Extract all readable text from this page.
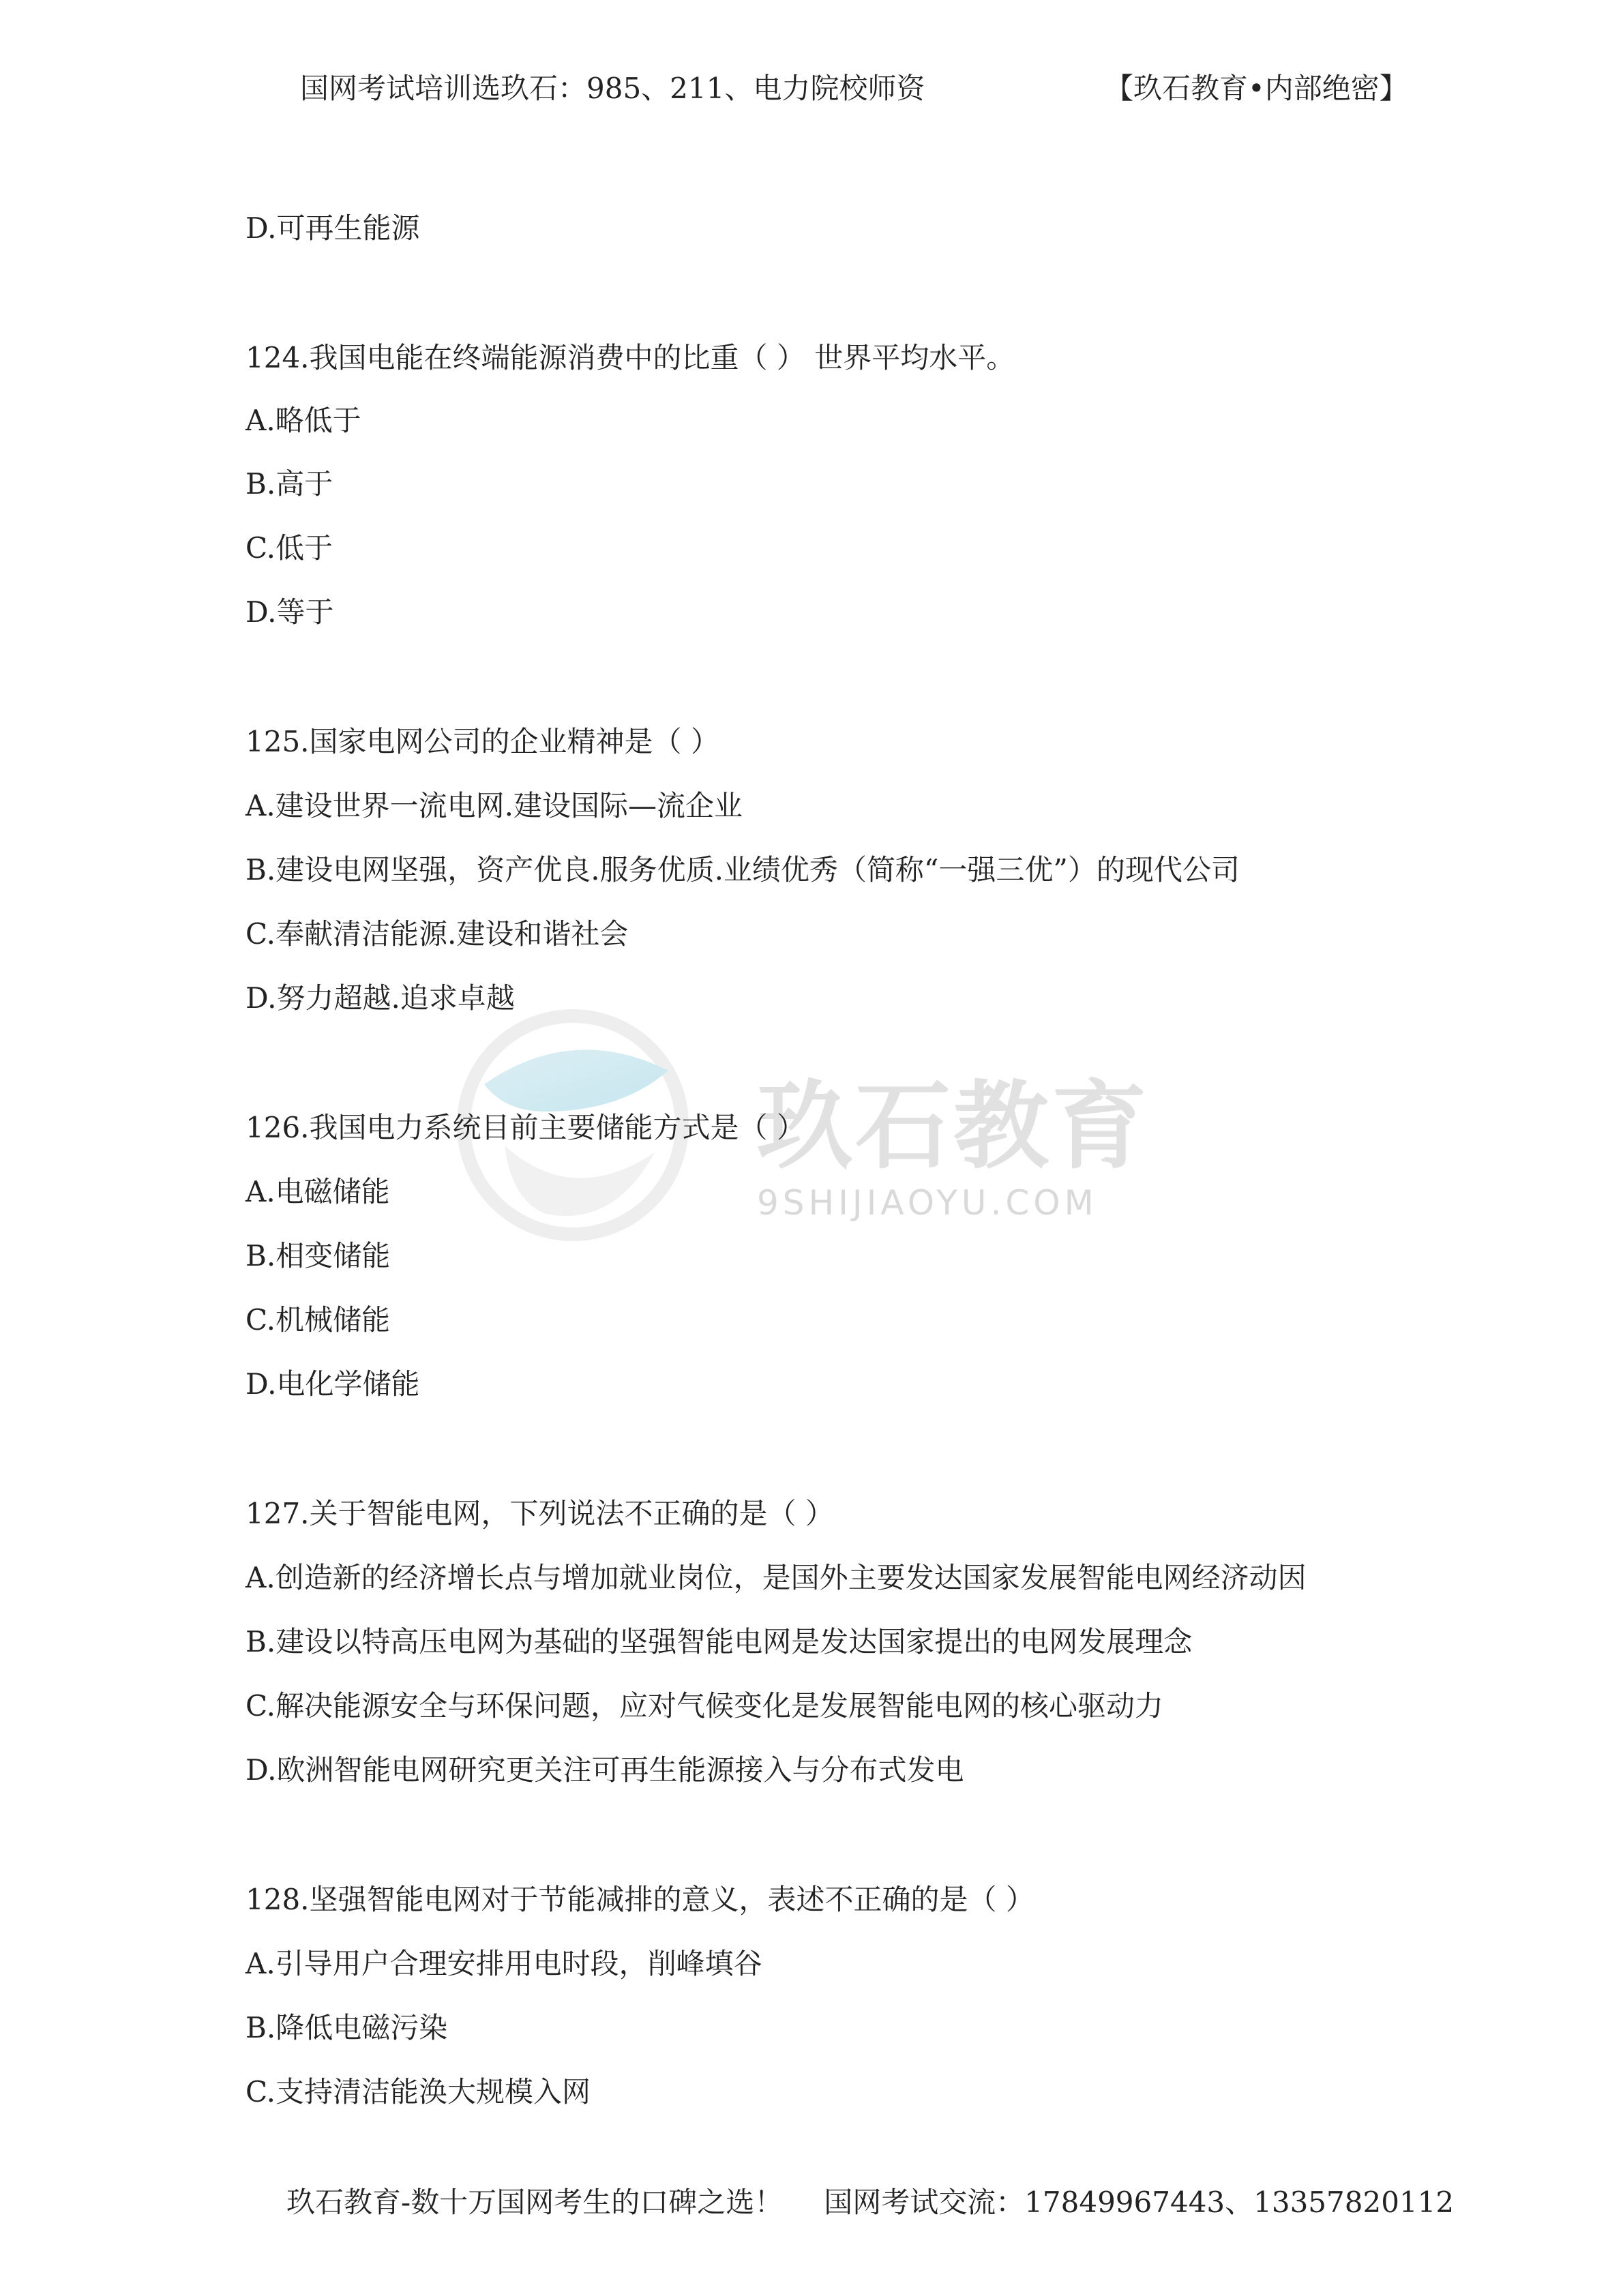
国网考试培训选玖石：985、211、电力院校师资	【玖石教育•内部绝密】
玖石教育
9SHIJIAOYU.COM
D.可再生能源
124.我国电能在终端能源消费中的比重（ ） 世界平均水平。
A.略低于
B.高于
C.低于
D.等于
125.国家电网公司的企业精神是（ ）
A.建设世界一流电网.建设国际—流企业
B.建设电网坚强，资产优良.服务优质.业绩优秀（简称“一强三优”）的现代公司
C.奉献清洁能源.建设和谐社会
D.努力超越.追求卓越
126.我国电力系统目前主要储能方式是（ ）
A.电磁储能
B.相变储能
C.机械储能
D.电化学储能
127.关于智能电网，下列说法不正确的是（ ）
A.创造新的经济增长点与增加就业岗位，是国外主要发达国家发展智能电网经济动因
B.建设以特高压电网为基础的坚强智能电网是发达国家提出的电网发展理念
C.解决能源安全与环保问题，应对气候变化是发展智能电网的核心驱动力
D.欧洲智能电网研究更关注可再生能源接入与分布式发电
128.坚强智能电网对于节能减排的意义，表述不正确的是（ ）
A.引导用户合理安排用电时段，削峰填谷
B.降低电磁污染
C.支持清洁能涣大规模入网
玖石教育-数十万国网考生的口碑之选！ 国网考试交流：17849967443、13357820112
